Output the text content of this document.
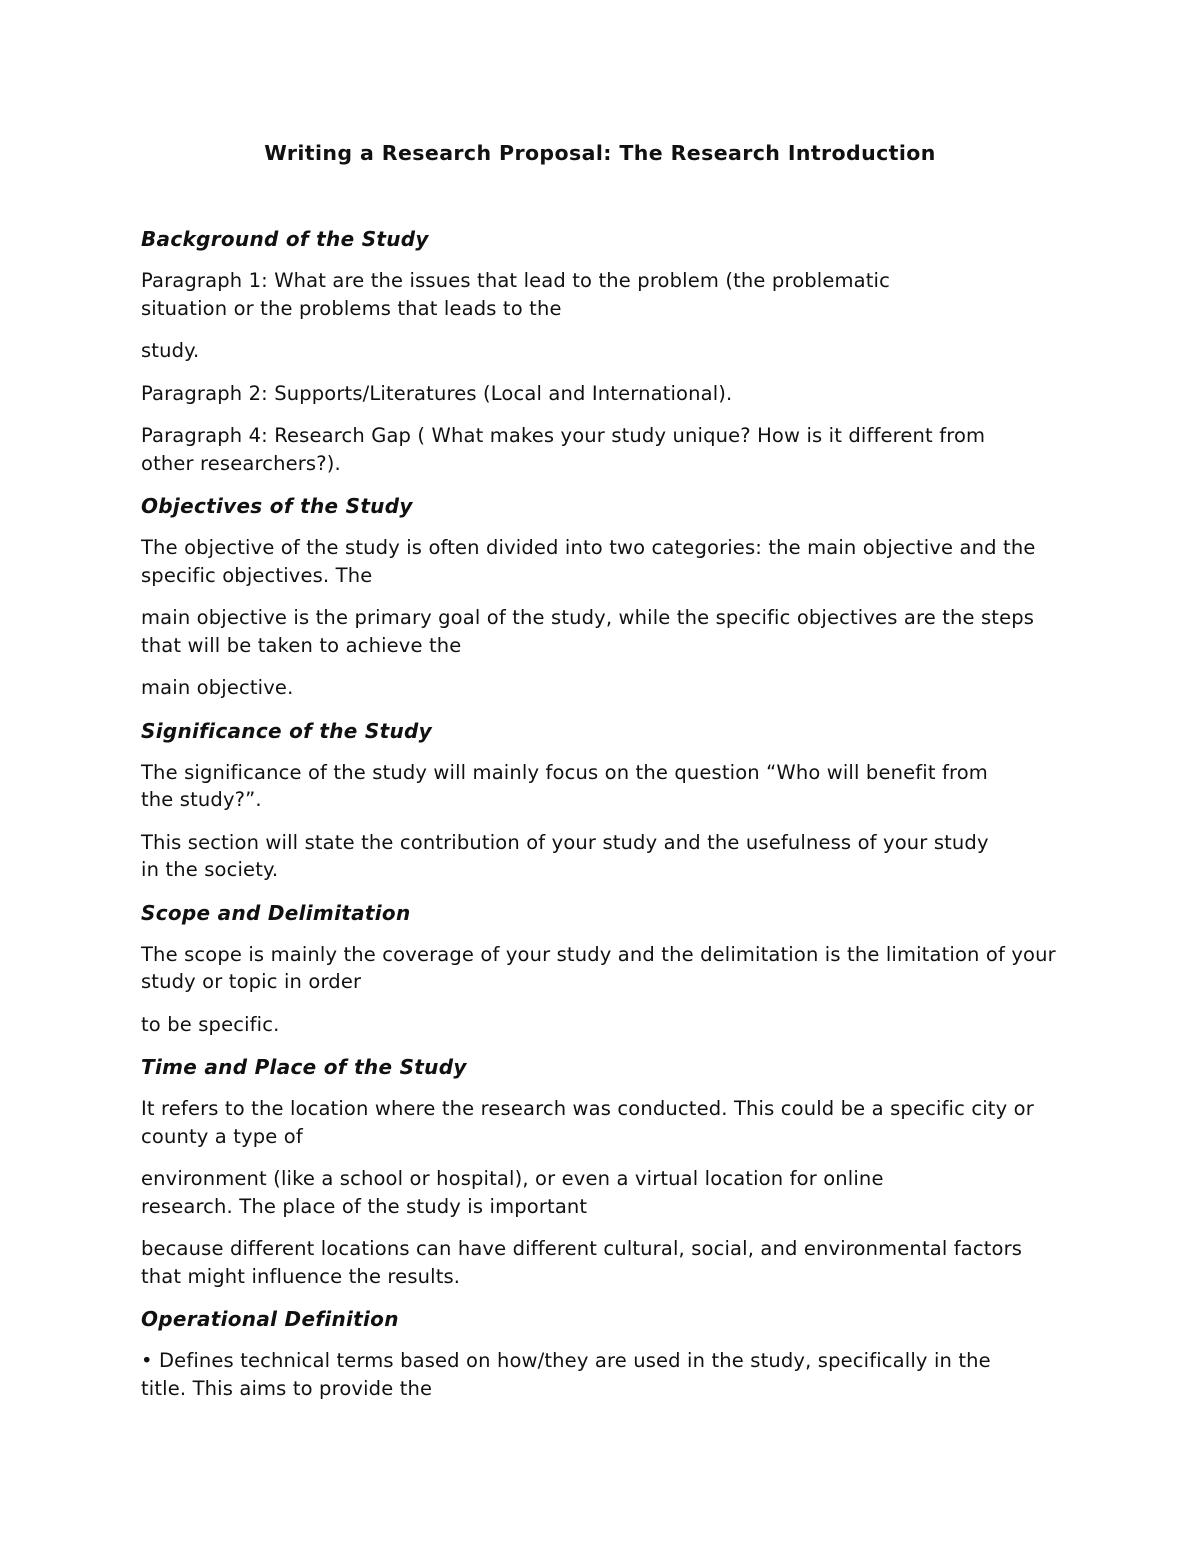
Writing a Research Proposal: The Research Introduction
Background of the Study
Paragraph 1: What are the issues that lead to the problem (the problematic situation or the problems that leads to the
study.
Paragraph 2: Supports/Literatures (Local and International).
Paragraph 4: Research Gap ( What makes your study unique? How is it different from other researchers?).
Objectives of the Study
The objective of the study is often divided into two categories: the main objective and the specific objectives. The
main objective is the primary goal of the study, while the specific objectives are the steps that will be taken to achieve the
main objective.
Significance of the Study
The significance of the study will mainly focus on the question “Who will benefit from the study?”.
This section will state the contribution of your study and the usefulness of your study in the society.
Scope and Delimitation
The scope is mainly the coverage of your study and the delimitation is the limitation of your study or topic in order
to be specific.
Time and Place of the Study
It refers to the location where the research was conducted. This could be a specific city or county a type of
environment (like a school or hospital), or even a virtual location for online research. The place of the study is important
because different locations can have different cultural, social, and environmental factors that might influence the results.
Operational Definition
• Defines technical terms based on how/they are used in the study, specifically in the title. This aims to provide the
